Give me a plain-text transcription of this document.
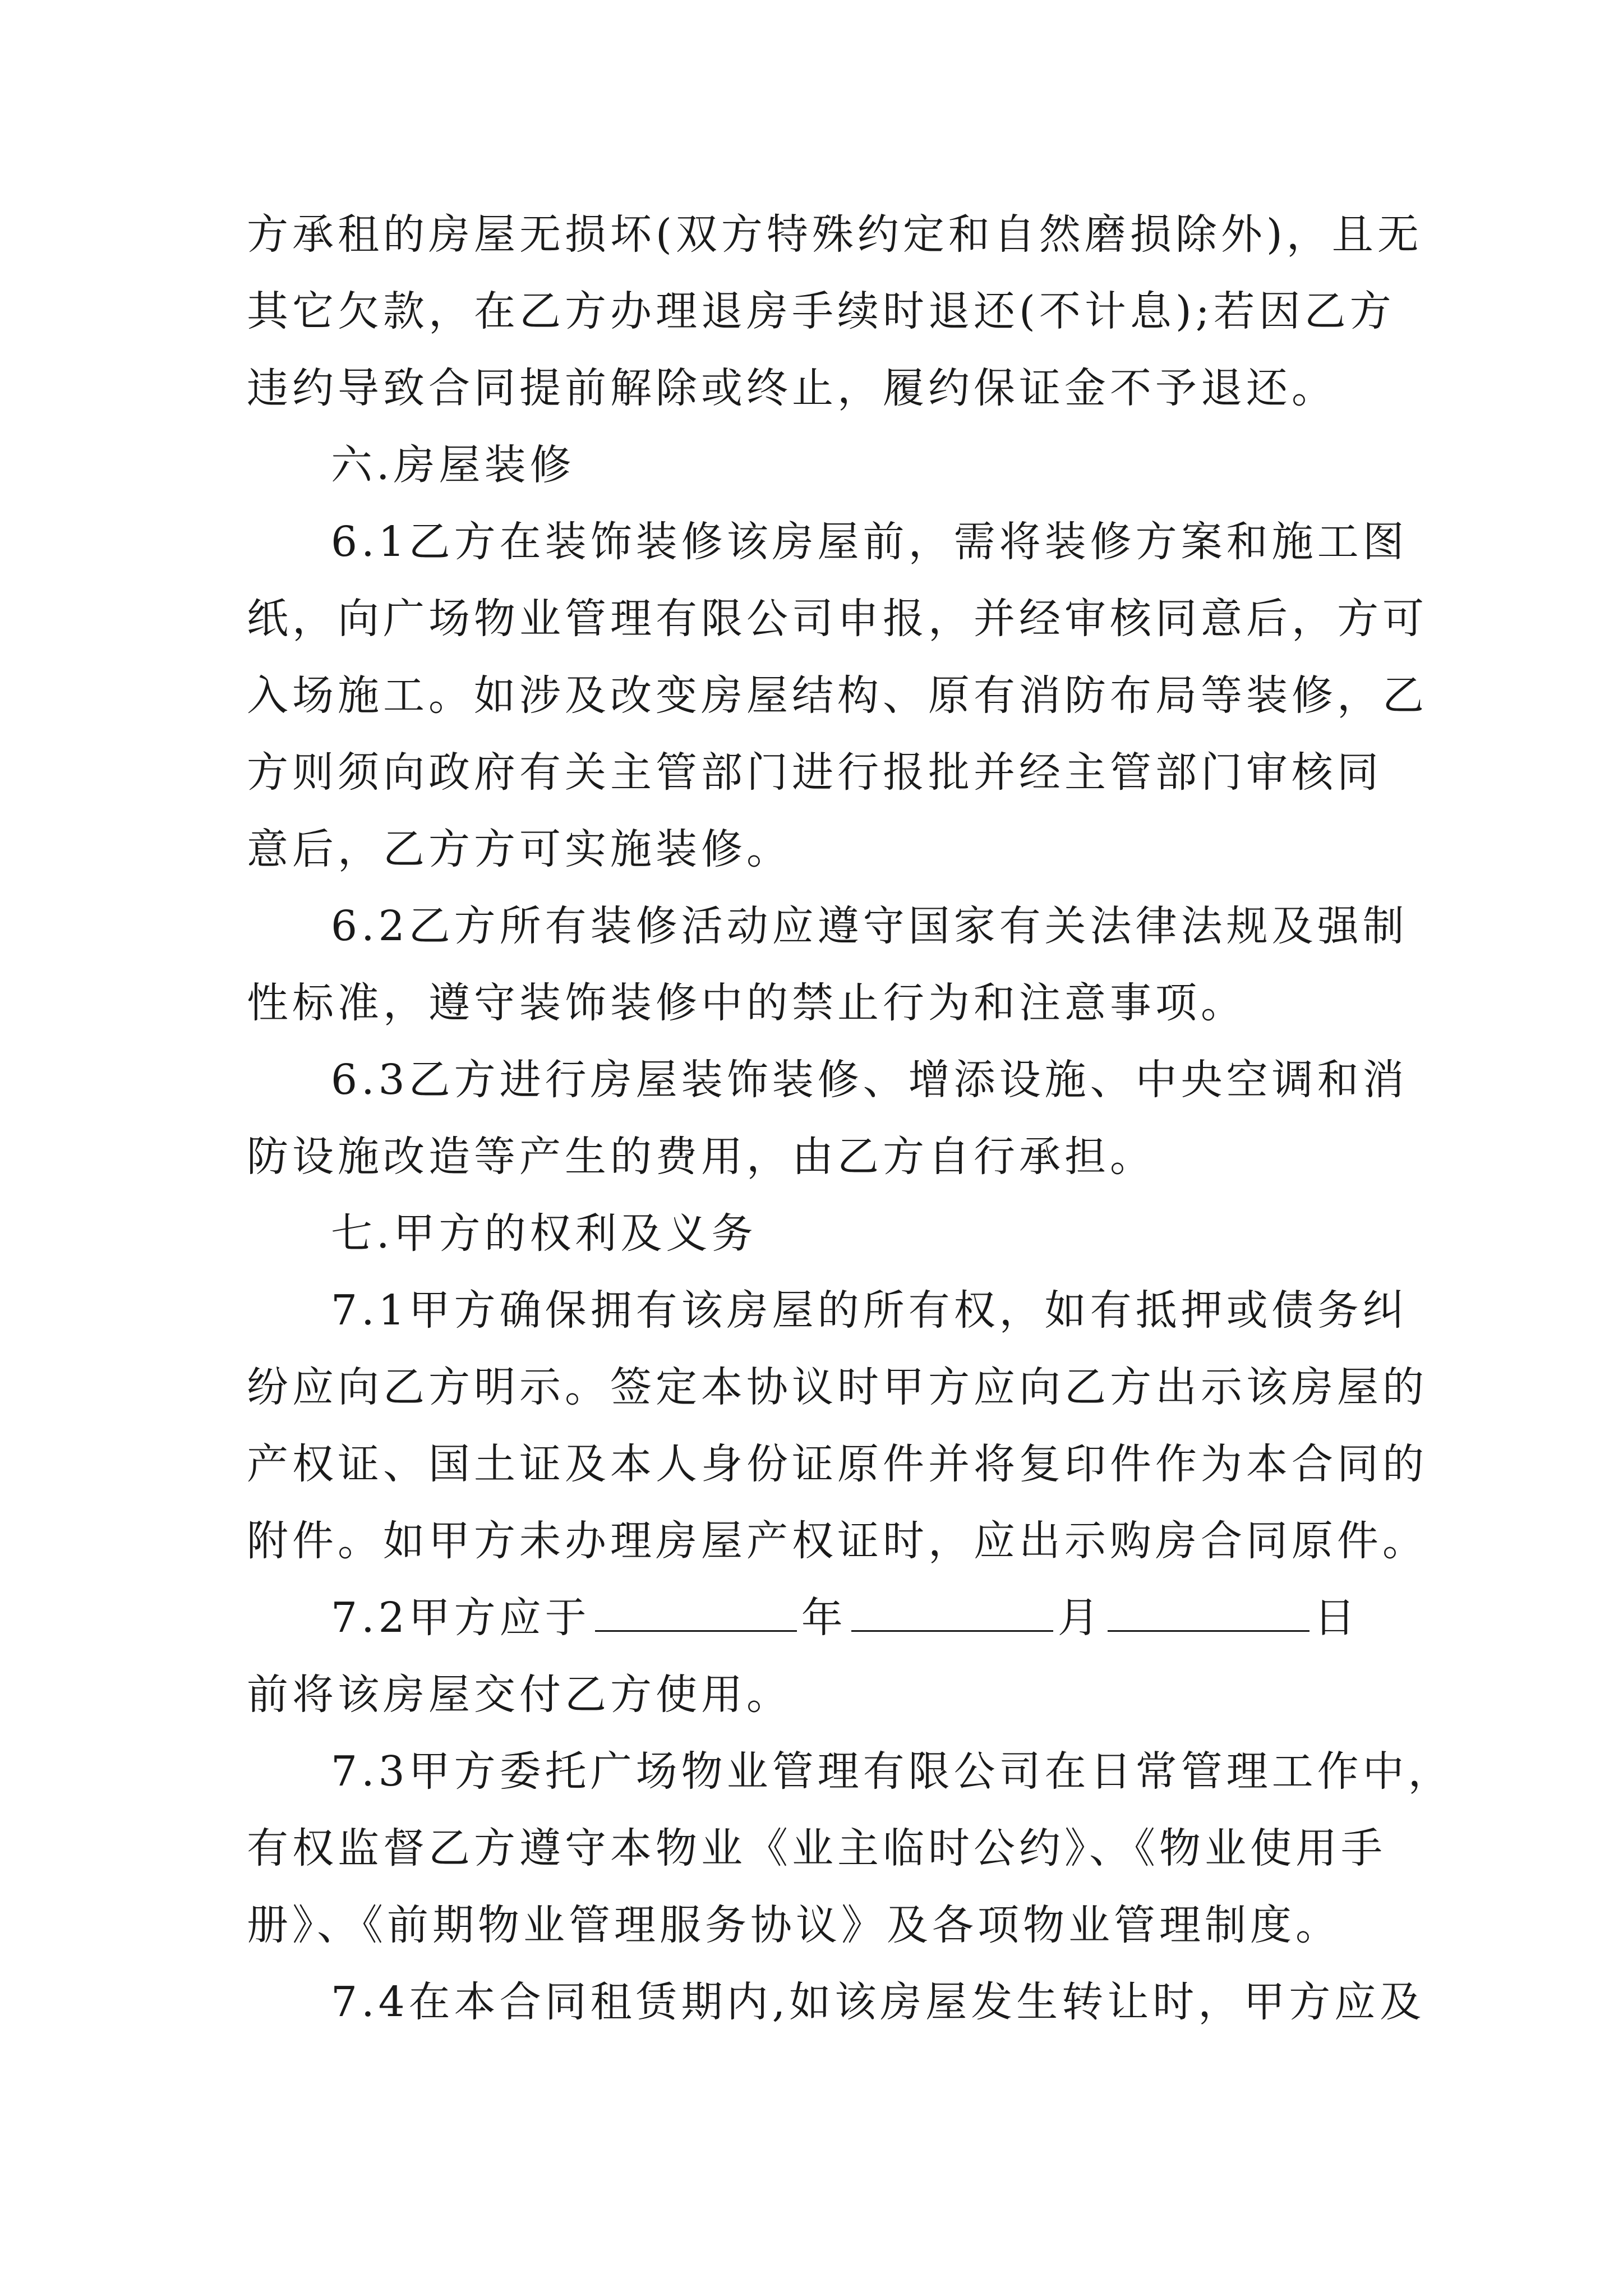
方承租的房屋无损坏(双方特殊约定和自然磨损除外)，且无
其它欠款，在乙方办理退房手续时退还(不计息);若因乙方
违约导致合同提前解除或终止，履约保证金不予退还。
六.房屋装修
6.1乙方在装饰装修该房屋前，需将装修方案和施工图
纸，向广场物业管理有限公司申报，并经审核同意后，方可
入场施工。如涉及改变房屋结构、原有消防布局等装修，乙
方则须向政府有关主管部门进行报批并经主管部门审核同
意后，乙方方可实施装修。
6.2乙方所有装修活动应遵守国家有关法律法规及强制
性标准，遵守装饰装修中的禁止行为和注意事项。
6.3乙方进行房屋装饰装修、增添设施、中央空调和消
防设施改造等产生的费用，由乙方自行承担。
七.甲方的权利及义务
7.1甲方确保拥有该房屋的所有权，如有抵押或债务纠
纷应向乙方明示。签定本协议时甲方应向乙方出示该房屋的
产权证、国土证及本人身份证原件并将复印件作为本合同的
附件。如甲方未办理房屋产权证时，应出示购房合同原件。
7.2甲方应于	年	月	日
前将该房屋交付乙方使用。
7.3甲方委托广场物业管理有限公司在日常管理工作中，
有权监督乙方遵守本物业《业主临时公约》、《物业使用手
册》、《前期物业管理服务协议》及各项物业管理制度。
7.4在本合同租赁期内,如该房屋发生转让时，甲方应及
